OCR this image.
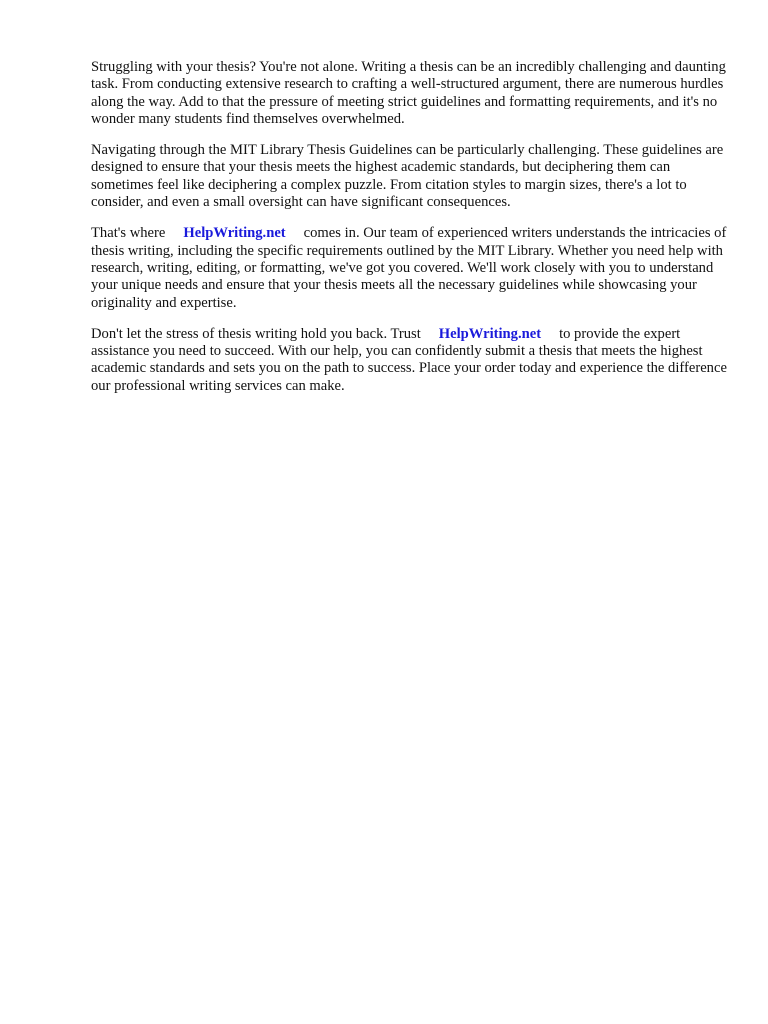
Struggling with your thesis? You're not alone. Writing a thesis can be an incredibly challenging and daunting task. From conducting extensive research to crafting a well-structured argument, there are numerous hurdles along the way. Add to that the pressure of meeting strict guidelines and formatting requirements, and it's no wonder many students find themselves overwhelmed.

Navigating through the MIT Library Thesis Guidelines can be particularly challenging. These guidelines are designed to ensure that your thesis meets the highest academic standards, but deciphering them can sometimes feel like deciphering a complex puzzle. From citation styles to margin sizes, there's a lot to consider, and even a small oversight can have significant consequences.

That's where HelpWriting.net comes in. Our team of experienced writers understands the intricacies of thesis writing, including the specific requirements outlined by the MIT Library. Whether you need help with research, writing, editing, or formatting, we've got you covered. We'll work closely with you to understand your unique needs and ensure that your thesis meets all the necessary guidelines while showcasing your originality and expertise.

Don't let the stress of thesis writing hold you back. Trust HelpWriting.net to provide the expert assistance you need to succeed. With our help, you can confidently submit a thesis that meets the highest academic standards and sets you on the path to success. Place your order today and experience the difference our professional writing services can make.
